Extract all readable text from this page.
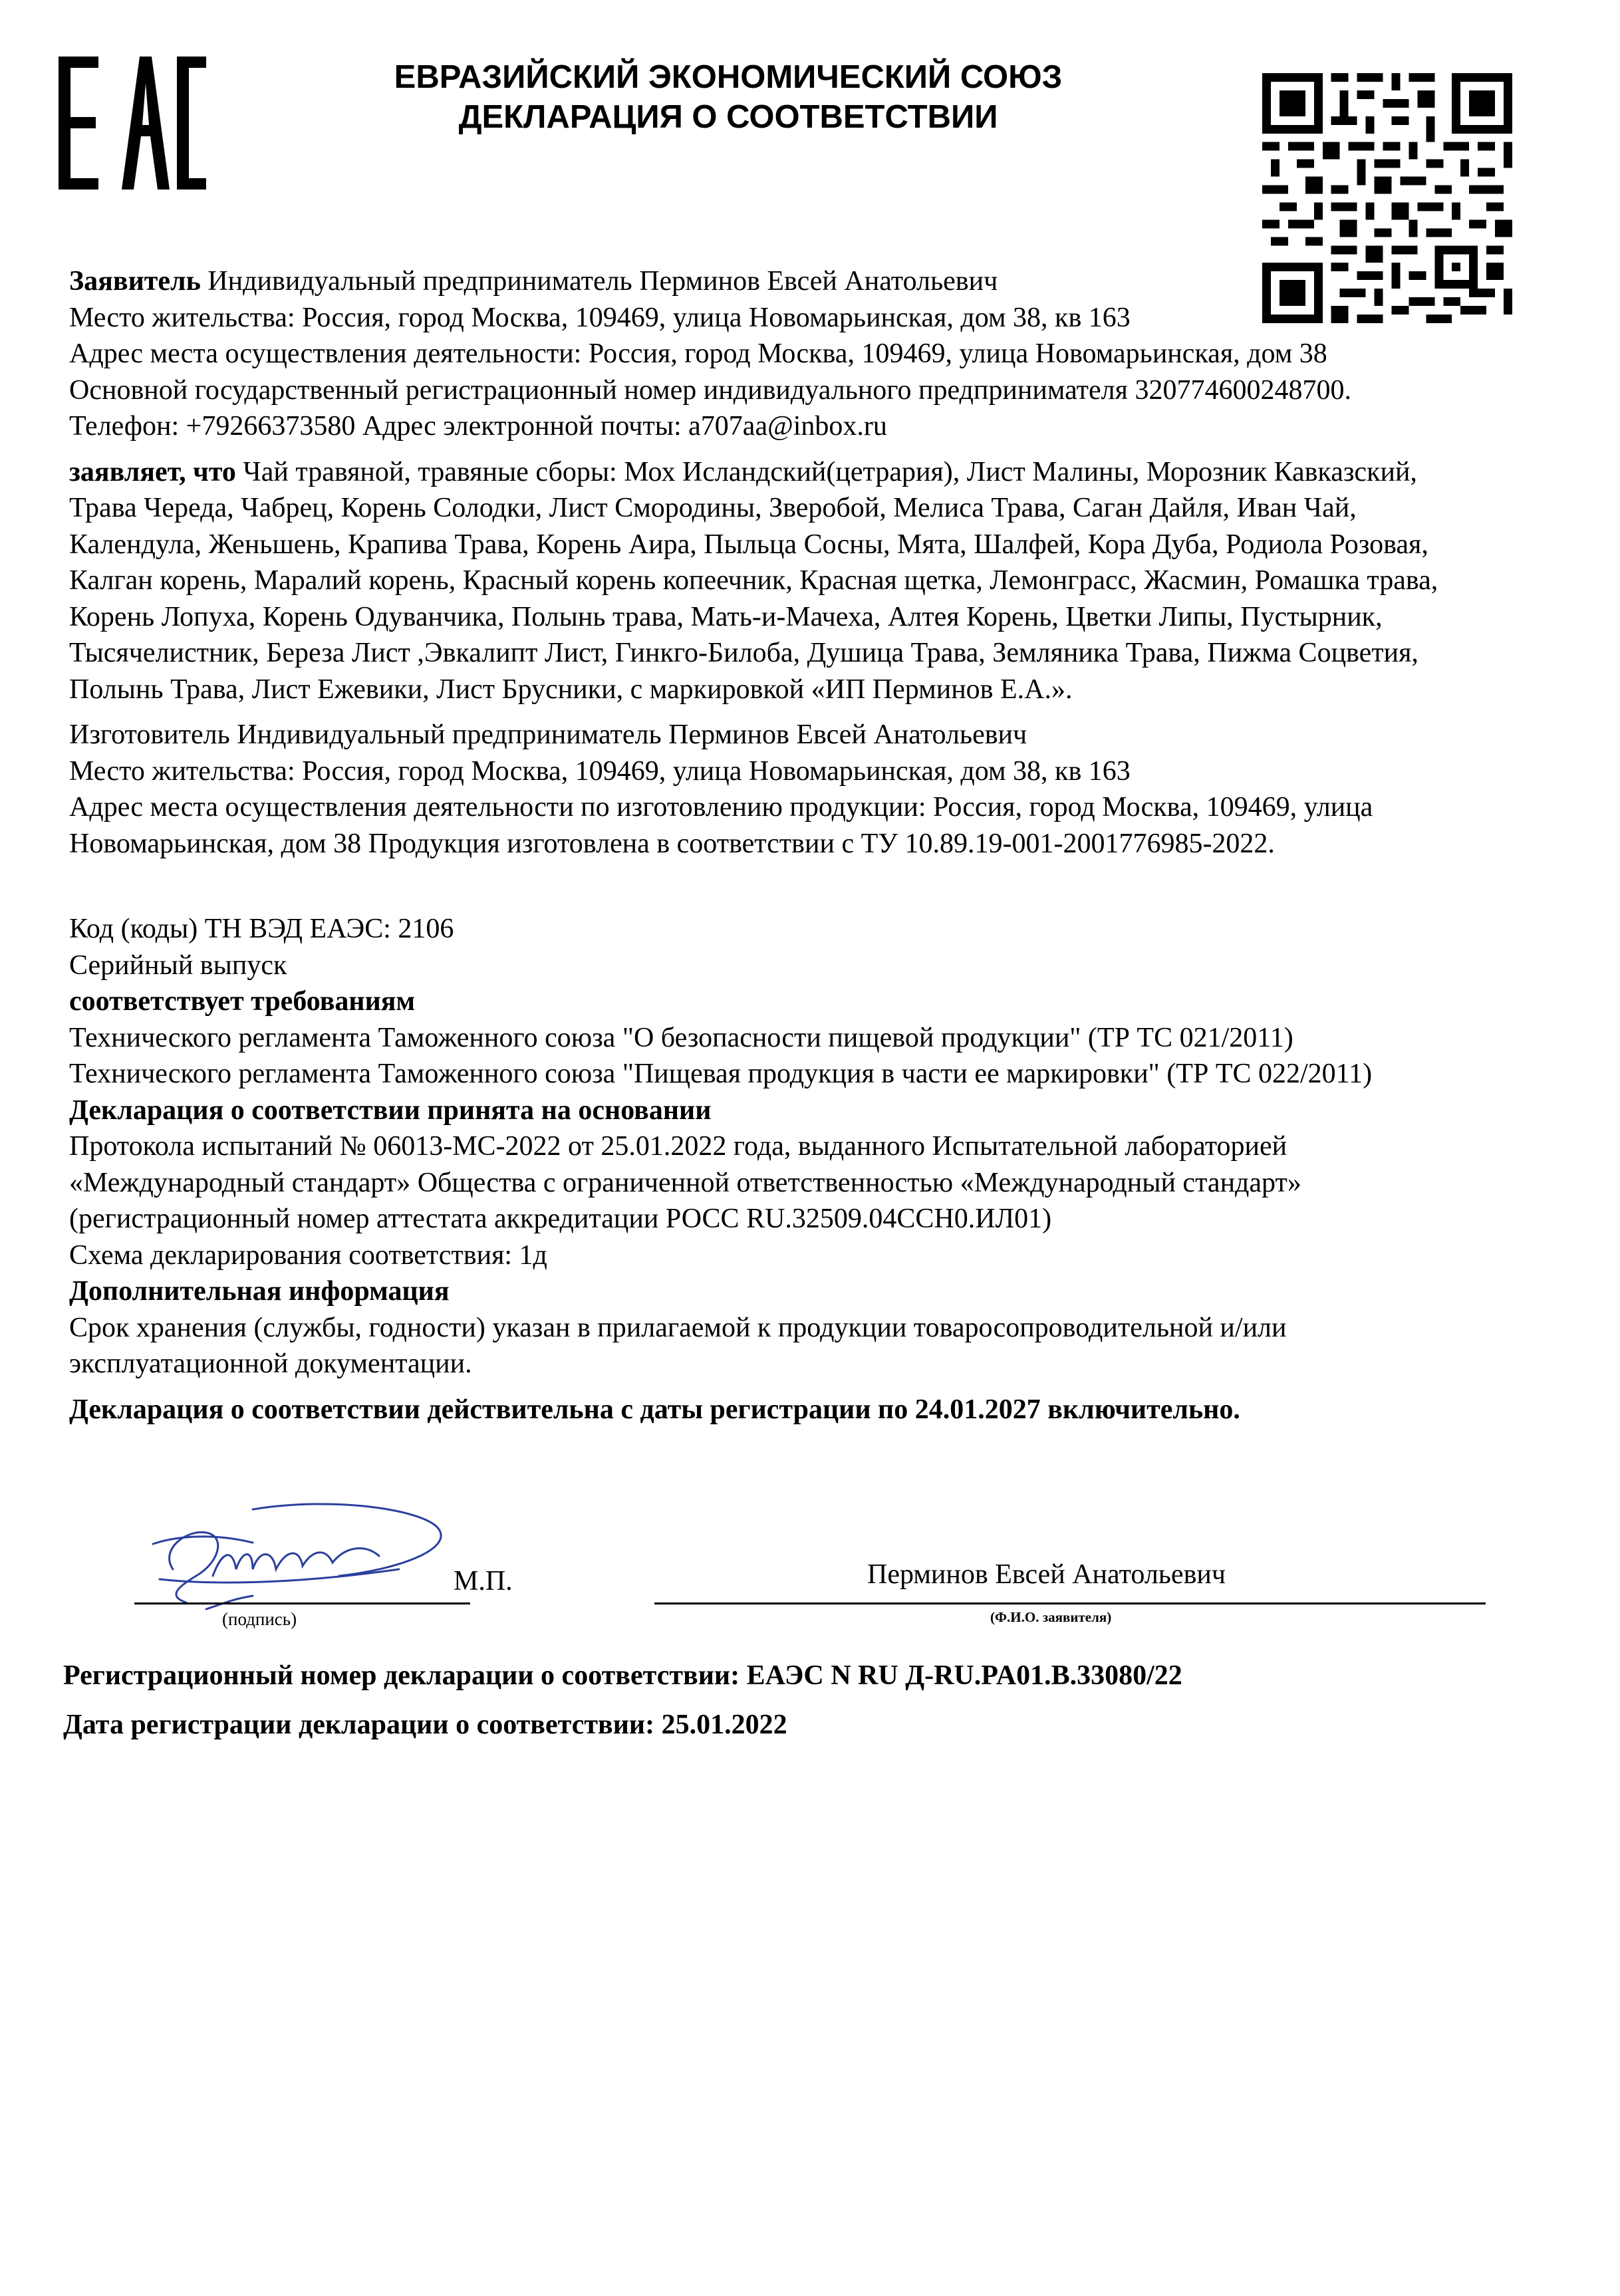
ЕВРАЗИЙСКИЙ ЭКОНОМИЧЕСКИЙ СОЮЗ
ДЕКЛАРАЦИЯ О СООТВЕТСТВИИ

Заявитель Индивидуальный предприниматель Перминов Евсей Анатольевич

Место жительства: Россия, город Москва, 109469, улица Новомарьинская, дом 38, кв 163

Адрес места осуществления деятельности: Россия, город Москва, 109469, улица Новомарьинская, дом 38

Основной государственный регистрационный номер индивидуального предпринимателя 320774600248700.

Телефон: +79266373580 Адрес электронной почты: a707aa@inbox.ru

заявляет, что Чай травяной, травяные сборы: Мох Исландский(цетрария), Лист Малины, Морозник Кавказский, Трава Череда, Чабрец, Корень Солодки, Лист Смородины, Зверобой, Мелиса Трава, Саган Дайля, Иван Чай, Календула, Женьшень, Крапива Трава, Корень Аира, Пыльца Сосны, Мята, Шалфей, Кора Дуба, Родиола Розовая, Калган корень, Маралий корень, Красный корень копеечник, Красная щетка, Лемонграсс, Жасмин, Ромашка трава, Корень Лопуха, Корень Одуванчика, Полынь трава, Мать-и-Мачеха, Алтея Корень, Цветки Липы, Пустырник, Тысячелистник, Береза Лист ,Эвкалипт Лист, Гинкго-Билоба, Душица Трава, Земляника Трава, Пижма Соцветия, Полынь Трава, Лист Ежевики, Лист Брусники, с маркировкой «ИП Перминов Е.А.».

Изготовитель Индивидуальный предприниматель Перминов Евсей Анатольевич

Место жительства: Россия, город Москва, 109469, улица Новомарьинская, дом 38, кв 163

Адрес места осуществления деятельности по изготовлению продукции: Россия, город Москва, 109469, улица Новомарьинская, дом 38 Продукция изготовлена в соответствии с ТУ 10.89.19-001-2001776985-2022.

Код (коды) ТН ВЭД ЕАЭС: 2106

Серийный выпуск

соответствует требованиям

Технического регламента Таможенного союза "О безопасности пищевой продукции" (ТР ТС 021/2011)

Технического регламента Таможенного союза "Пищевая продукция в части ее маркировки" (ТР ТС 022/2011)

Декларация о соответствии принята на основании

Протокола испытаний № 06013-МС-2022 от 25.01.2022 года, выданного Испытательной лабораторией «Международный стандарт» Общества с ограниченной ответственностью «Международный стандарт» (регистрационный номер аттестата аккредитации РОСС RU.32509.04ССН0.ИЛ01)

Схема декларирования соответствия: 1д

Дополнительная информация

Срок хранения (службы, годности) указан в прилагаемой к продукции товаросопроводительной и/или эксплуатационной документации.

Декларация о соответствии действительна с даты регистрации по 24.01.2027 включительно.

(подпись)
М.П.	Перминов Евсей Анатольевич
(Ф.И.О. заявителя)
Регистрационный номер декларации о соответствии: ЕАЭС N RU Д-RU.PA01.B.33080/22
Дата регистрации декларации о соответствии: 25.01.2022
